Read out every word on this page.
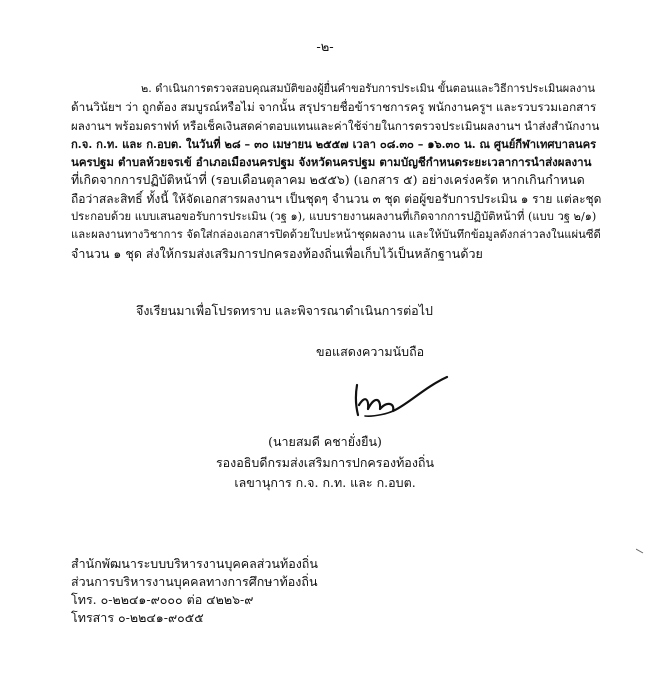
-๒-
๒. ดำเนินการตรวจสอบคุณสมบัติของผู้ยื่นคำขอรับการประเมิน ขั้นตอนและวิธีการประเมินผลงาน
ด้านวินัยฯ ว่า ถูกต้อง สมบูรณ์หรือไม่ จากนั้น สรุปรายชื่อข้าราชการครู พนักงานครูฯ และรวบรวมเอกสาร
ผลงานฯ พร้อมดราฟท์ หรือเช็คเงินสดค่าตอบแทนและค่าใช้จ่ายในการตรวจประเมินผลงานฯ นำส่งสำนักงาน
ก.จ. ก.ท. และ ก.อบต. ในวันที่ ๒๘ – ๓๐ เมษายน ๒๕๕๗ เวลา ๐๘.๓๐ – ๑๖.๓๐ น. ณ ศูนย์กีฬาเทศบาลนคร
นครปฐม ตำบลห้วยจรเข้ อำเภอเมืองนครปฐม จังหวัดนครปฐม ตามบัญชีกำหนดระยะเวลาการนำส่งผลงาน
ที่เกิดจากการปฏิบัติหน้าที่ (รอบเดือนตุลาคม ๒๕๕๖) (เอกสาร ๕) อย่างเคร่งครัด หากเกินกำหนด
ถือว่าสละสิทธิ์ ทั้งนี้ ให้จัดเอกสารผลงานฯ เป็นชุดๆ จำนวน ๓ ชุด ต่อผู้ขอรับการประเมิน ๑ ราย แต่ละชุด
ประกอบด้วย แบบเสนอขอรับการประเมิน (วฐ ๑), แบบรายงานผลงานที่เกิดจากการปฏิบัติหน้าที่ (แบบ วฐ ๒/๑)
และผลงานทางวิชาการ จัดใส่กล่องเอกสารปิดด้วยใบปะหน้าชุดผลงาน และให้บันทึกข้อมูลดังกล่าวลงในแผ่นซีดี
จำนวน ๑ ชุด ส่งให้กรมส่งเสริมการปกครองท้องถิ่นเพื่อเก็บไว้เป็นหลักฐานด้วย
จึงเรียนมาเพื่อโปรดทราบ และพิจารณาดำเนินการต่อไป
ขอแสดงความนับถือ
(นายสมดี คชายั่งยืน)
รองอธิบดีกรมส่งเสริมการปกครองท้องถิ่น
เลขานุการ ก.จ. ก.ท. และ ก.อบต.
สำนักพัฒนาระบบบริหารงานบุคคลส่วนท้องถิ่น
ส่วนการบริหารงานบุคคลทางการศึกษาท้องถิ่น
โทร. ๐-๒๒๔๑-๙๐๐๐ ต่อ ๔๒๒๖-๙
โทรสาร ๐-๒๒๔๑-๙๐๕๕
